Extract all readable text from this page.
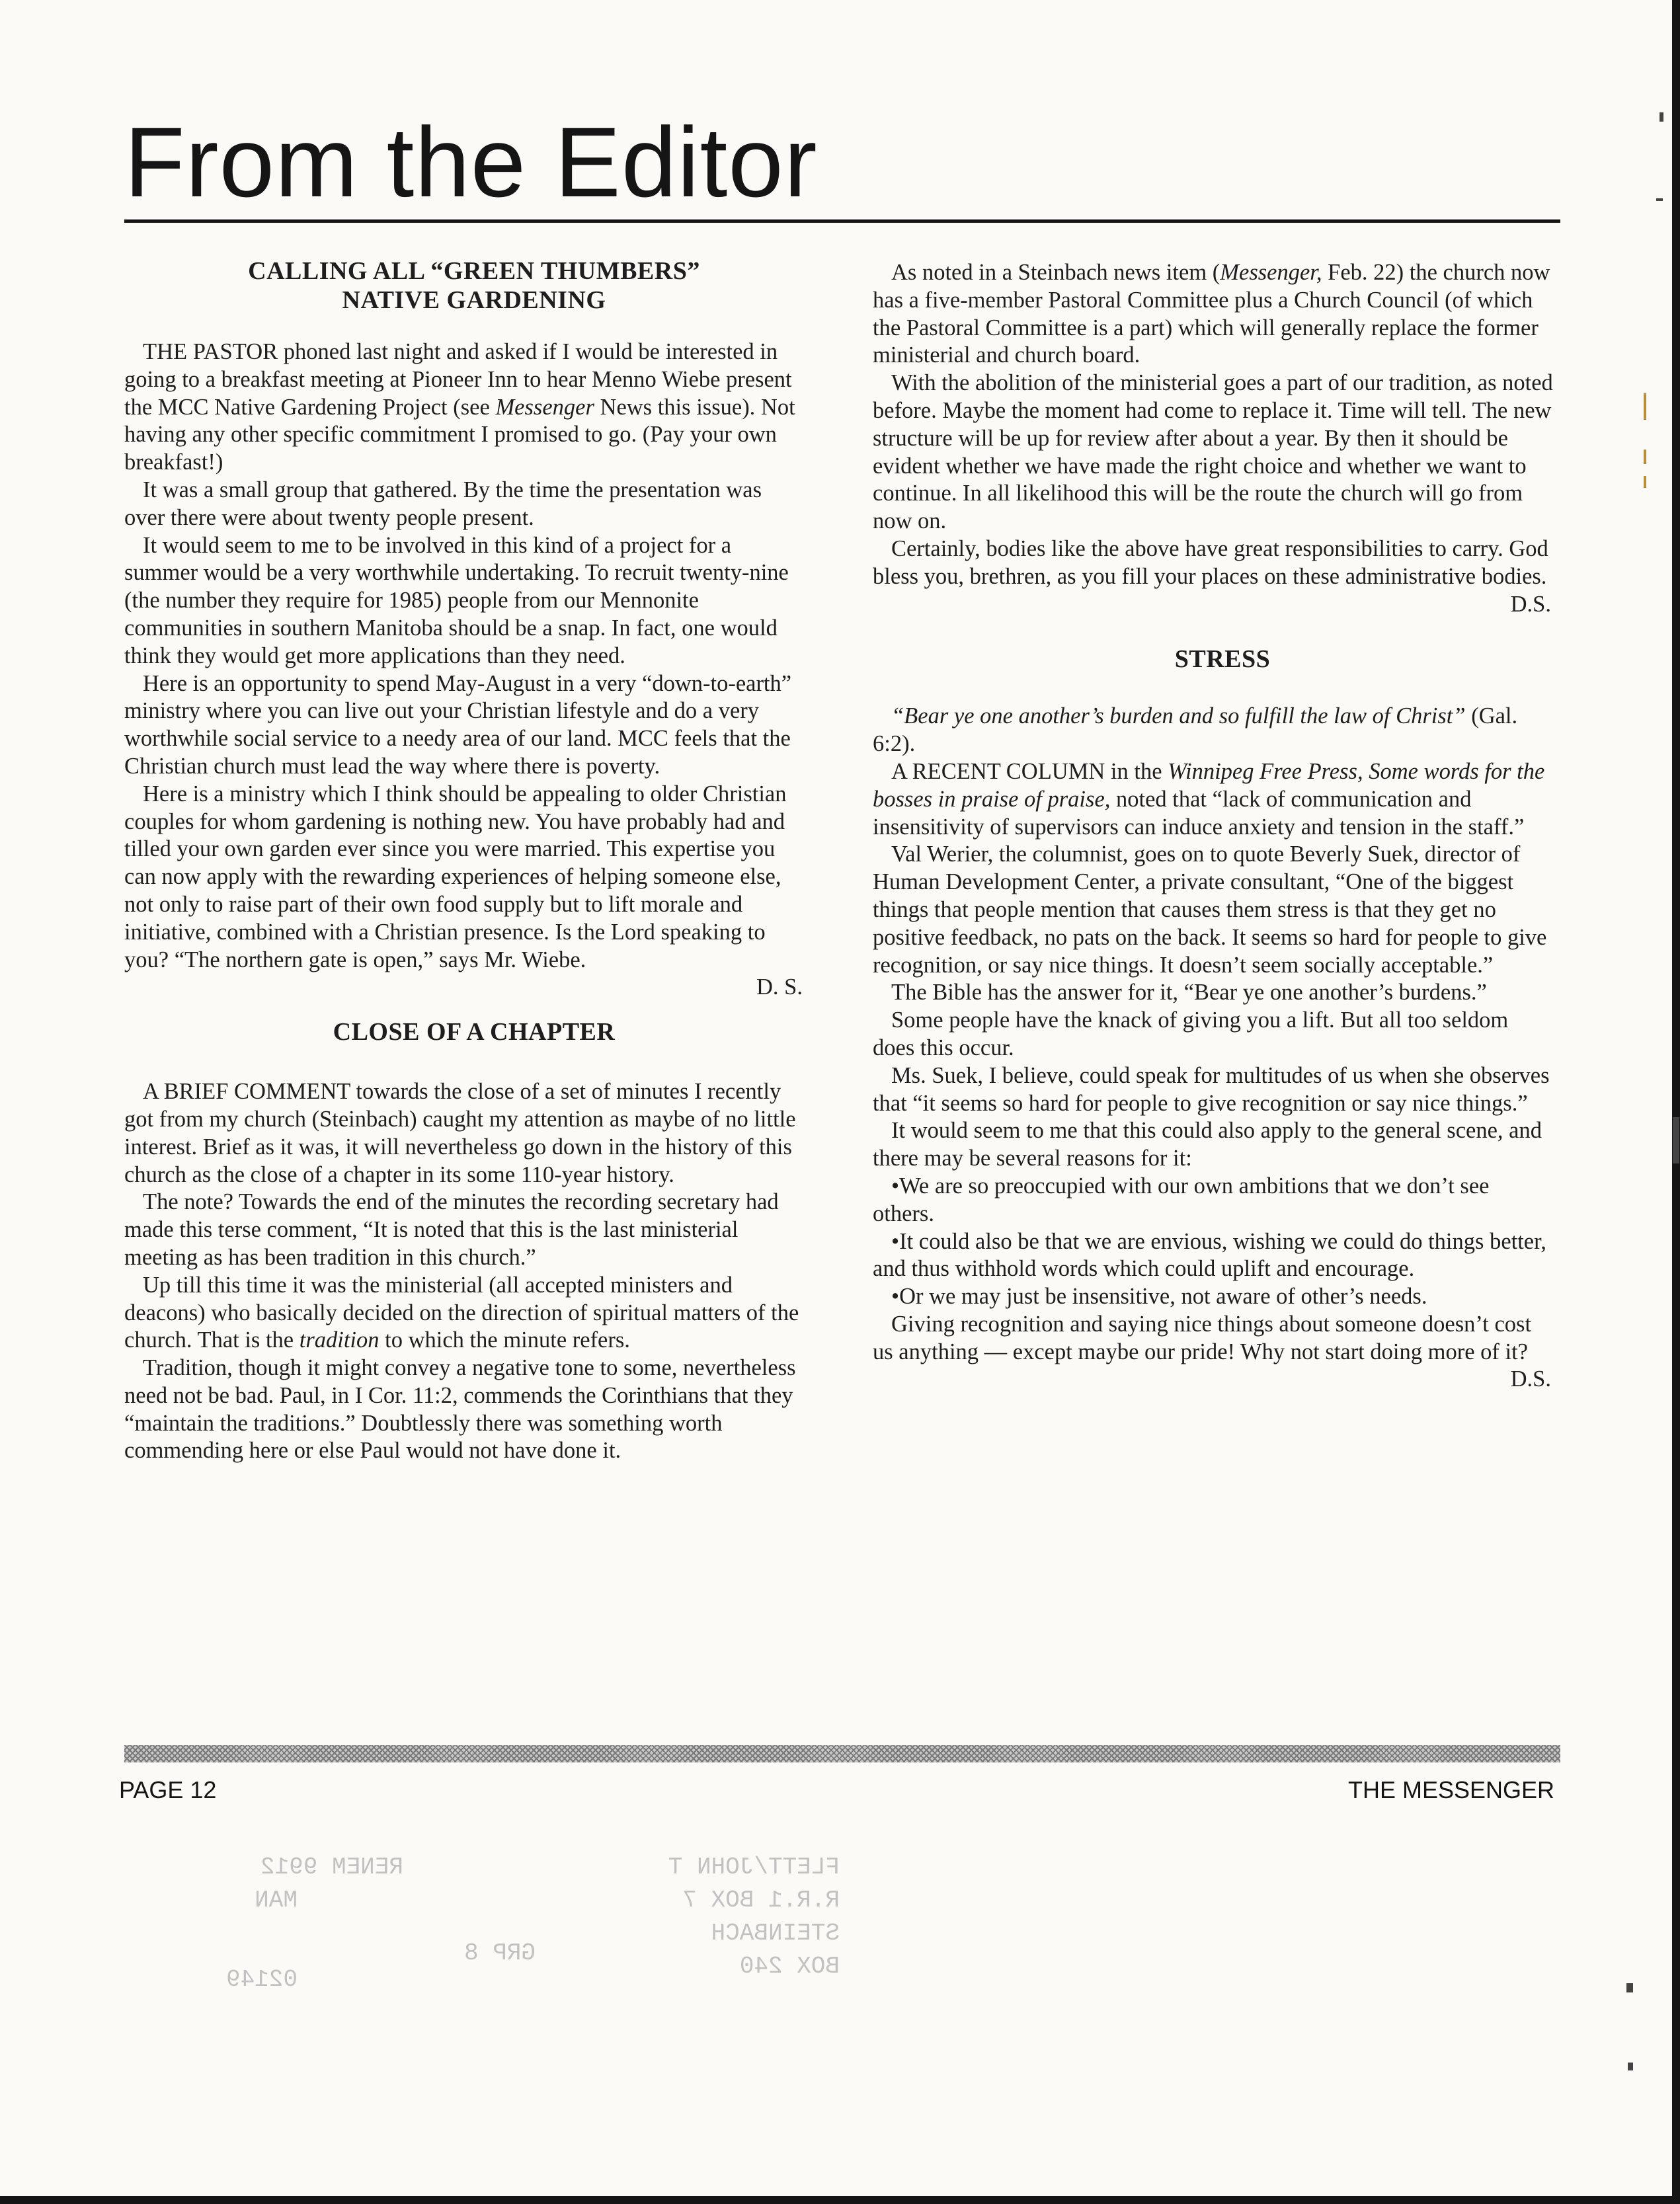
From the Editor

CALLING ALL “GREEN THUMBERS”

NATIVE GARDENING

THE PASTOR phoned last night and asked if I would be interested in going to a breakfast meeting at Pioneer Inn to hear Menno Wiebe present the MCC Native Gardening Project (see Messenger News this issue). Not having any other specific commitment I promised to go. (Pay your own breakfast!)

It was a small group that gathered. By the time the presentation was over there were about twenty people present.

It would seem to me to be involved in this kind of a project for a summer would be a very worthwhile undertaking. To recruit twenty-nine (the number they require for 1985) people from our Mennonite communities in southern Manitoba should be a snap. In fact, one would think they would get more applications than they need.

Here is an opportunity to spend May-August in a very “down-to-earth” ministry where you can live out your Christian lifestyle and do a very worthwhile social service to a needy area of our land. MCC feels that the Christian church must lead the way where there is poverty.

Here is a ministry which I think should be appealing to older Christian couples for whom gardening is nothing new. You have probably had and tilled your own garden ever since you were married. This expertise you can now apply with the rewarding experiences of helping someone else, not only to raise part of their own food supply but to lift morale and initiative, combined with a Christian presence. Is the Lord speaking to you? “The northern gate is open,” says Mr. Wiebe.

D. S.

CLOSE OF A CHAPTER

A BRIEF COMMENT towards the close of a set of minutes I recently got from my church (Steinbach) caught my attention as maybe of no little interest. Brief as it was, it will nevertheless go down in the history of this church as the close of a chapter in its some 110-year history.

The note? Towards the end of the minutes the recording secretary had made this terse comment, “It is noted that this is the last ministerial meeting as has been tradition in this church.”

Up till this time it was the ministerial (all accepted ministers and deacons) who basically decided on the direction of spiritual matters of the church. That is the tradition to which the minute refers.

Tradition, though it might convey a negative tone to some, nevertheless need not be bad. Paul, in I Cor. 11:2, commends the Corinthians that they “maintain the traditions.” Doubtlessly there was something worth commending here or else Paul would not have done it.

As noted in a Steinbach news item (Messenger, Feb. 22) the church now has a five-member Pastoral Committee plus a Church Council (of which the Pastoral Committee is a part) which will generally replace the former ministerial and church board.

With the abolition of the ministerial goes a part of our tradition, as noted before. Maybe the moment had come to replace it. Time will tell. The new structure will be up for review after about a year. By then it should be evident whether we have made the right choice and whether we want to continue. In all likelihood this will be the route the church will go from now on.

Certainly, bodies like the above have great responsibilities to carry. God bless you, brethren, as you fill your places on these administrative bodies.

D.S.

STRESS

“Bear ye one another’s burden and so fulfill the law of Christ” (Gal. 6:2).

A RECENT COLUMN in the Winnipeg Free Press, Some words for the bosses in praise of praise, noted that “lack of communication and insensitivity of supervisors can induce anxiety and tension in the staff.”

Val Werier, the columnist, goes on to quote Beverly Suek, director of Human Development Center, a private consultant, “One of the biggest things that people mention that causes them stress is that they get no positive feedback, no pats on the back. It seems so hard for people to give recognition, or say nice things. It doesn’t seem socially acceptable.”

The Bible has the answer for it, “Bear ye one another’s burdens.”

Some people have the knack of giving you a lift. But all too seldom does this occur.

Ms. Suek, I believe, could speak for multitudes of us when she observes that “it seems so hard for people to give recognition or say nice things.”

It would seem to me that this could also apply to the general scene, and there may be several reasons for it:

•We are so preoccupied with our own ambitions that we don’t see others.

•It could also be that we are envious, wishing we could do things better, and thus withhold words which could uplift and encourage.

•Or we may just be insensitive, not aware of other’s needs.

Giving recognition and saying nice things about someone doesn’t cost us anything — except maybe our pride! Why not start doing more of it?

D.S.

PAGE 12	THE MESSENGER
FLETT/JOHN T
RENEM 9912
R.R.1 BOX 7
MAN
STEINBACH
GRP 8	BOX 240
02149
